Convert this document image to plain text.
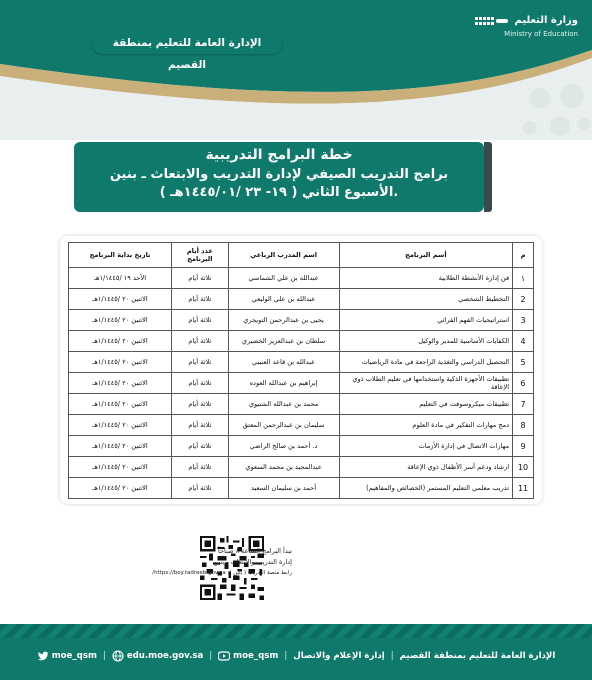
وزارة التعليم
Ministry of Education
الإدارة العامة للتعليم بمنطقة القصيم
خطة البرامج التدريبية
برامج التدريب الصيفي لإدارة التدريب والابتعاث ـ بنين
الأسبوع الثاني ( ١٩- ٢٣ /١٤٤٥/٠١هـ ).
م	أسم البرنامج	اسم المدرب الرباعي	عدد أيام البرنامج	تاريخ بداية البرنامج
١	فن إدارة الأنشطة الطلابية	عبدالله بن علي الشماسي	ثلاثة أيام	الأحد ١٩ /١/١٤٤٥هـ
2	التخطيط الشخصي	عبدالله بن علي الوليعي	ثلاثة أيام	الاثنين ٢٠ /١/١٤٤٥هـ
3	استراتيجيات الفهم القرائي	يحيى بن عبدالرحمن التويجري	ثلاثة أيام	الاثنين ٢٠ /١/١٤٤٥هـ
4	الكفايات الأساسية للمدير والوكيل	سلطان بن عبدالعزيز الخضيري	ثلاثة أيام	الاثنين ٢٠ /١/١٤٤٥هـ
5	التحصيل الدراسي والتغذية الراجعة في مادة الرياضيات	عبدالله بن قاعد العتيبي	ثلاثة أيام	الاثنين ٢٠ /١/١٤٤٥هـ
6	تطبيقات الأجهزة الذكية واستخدامها في تعليم الطلاب ذوي الإعاقة	إبراهيم بن عبدالله العوده	ثلاثة أيام	الاثنين ٢٠ /١/١٤٤٥هـ
7	تطبيقات ميكروسوفت في التعليم	محمد بن عبدالله الشتيوي	ثلاثة أيام	الاثنين ٢٠ /١/١٤٤٥هـ
8	دمج مهارات التفكير في مادة العلوم	سليمان بن عبدالرحمن المعتق	ثلاثة أيام	الاثنين ٢٠ /١/١٤٤٥هـ
9	مهارات الاتصال في إدارة الأزمات	د. أحمد بن صالح الراضي	ثلاثة أيام	الاثنين ٢٠ /١/١٤٤٥هـ
10	ارشاد ودعم أسر الأطفال ذوي الإعاقة	عبدالمجيد بن محمد السعوي	ثلاثة أيام	الاثنين ٢٠ /١/١٤٤٥هـ
11	تدريب معلمي التعليم المستمر (الخصائص والمفاهيم)	أحمد بن سليمان السعيد	ثلاثة أيام	الاثنين ٢٠ /١/١٤٤٥هـ
تبدأ البرامج الساعة ٨ صباحاً
إدارة التدريب والابتعاث - بنين
رابط منصة التدريب ( بنين ): https://boy.tadreeb.gov.sa/
الإدارة العامة للتعليم بمنطقة القصيم
|
إدارة الإعلام والاتصال
|
moe_qsm
|
edu.moe.gov.sa
|
moe_qsm
